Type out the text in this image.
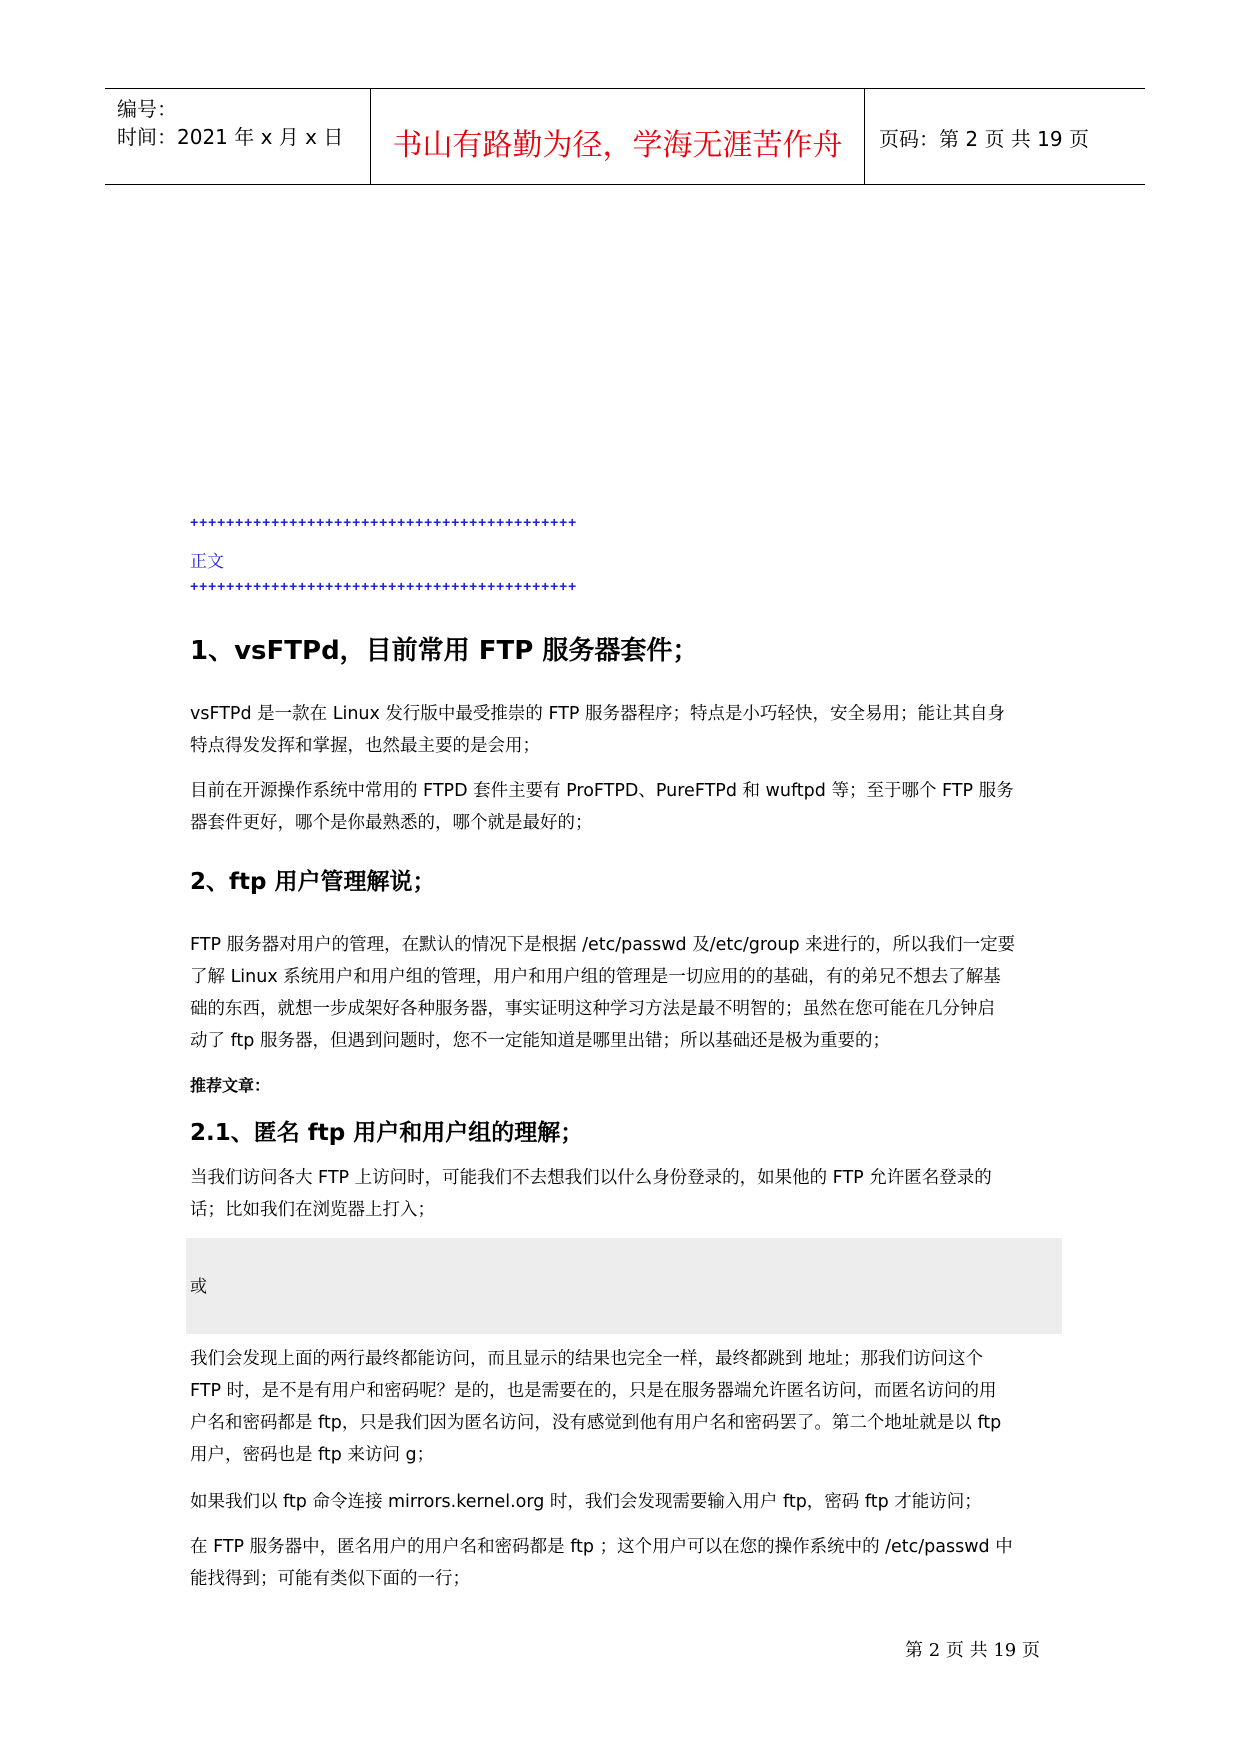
编号：
时间：2021 年 x 月 x 日	书山有路勤为径，学海无涯苦作舟	页码：第 2 页 共 19 页
+++++++++++++++++++++++++++++++++++++++++++
正文
+++++++++++++++++++++++++++++++++++++++++++
1、vsFTPd，目前常用 FTP 服务器套件；
vsFTPd 是一款在 Linux 发行版中最受推崇的 FTP 服务器程序；特点是小巧轻快，安全易用；能让其自身
特点得发发挥和掌握，也然最主要的是会用；
目前在开源操作系统中常用的 FTPD 套件主要有 ProFTPD、PureFTPd 和 wuftpd 等；至于哪个 FTP 服务
器套件更好，哪个是你最熟悉的，哪个就是最好的；
2、ftp 用户管理解说；
FTP 服务器对用户的管理，在默认的情况下是根据 /etc/passwd 及/etc/group 来进行的，所以我们一定要
了解 Linux 系统用户和用户组的管理，用户和用户组的管理是一切应用的的基础，有的弟兄不想去了解基
础的东西，就想一步成架好各种服务器，事实证明这种学习方法是最不明智的；虽然在您可能在几分钟启
动了 ftp 服务器，但遇到问题时，您不一定能知道是哪里出错；所以基础还是极为重要的；
推荐文章：
2.1、匿名 ftp 用户和用户组的理解；
当我们访问各大 FTP 上访问时，可能我们不去想我们以什么身份登录的，如果他的 FTP 允许匿名登录的
话；比如我们在浏览器上打入；
或
我们会发现上面的两行最终都能访问，而且显示的结果也完全一样，最终都跳到 地址；那我们访问这个
FTP 时，是不是有用户和密码呢？是的，也是需要在的，只是在服务器端允许匿名访问，而匿名访问的用
户名和密码都是 ftp，只是我们因为匿名访问，没有感觉到他有用户名和密码罢了。第二个地址就是以 ftp
用户，密码也是 ftp 来访问 g；
如果我们以 ftp 命令连接 mirrors.kernel.org 时，我们会发现需要输入用户 ftp，密码 ftp 才能访问；
在 FTP 服务器中，匿名用户的用户名和密码都是 ftp ；这个用户可以在您的操作系统中的 /etc/passwd 中
能找得到；可能有类似下面的一行；
第 2 页 共 19 页
